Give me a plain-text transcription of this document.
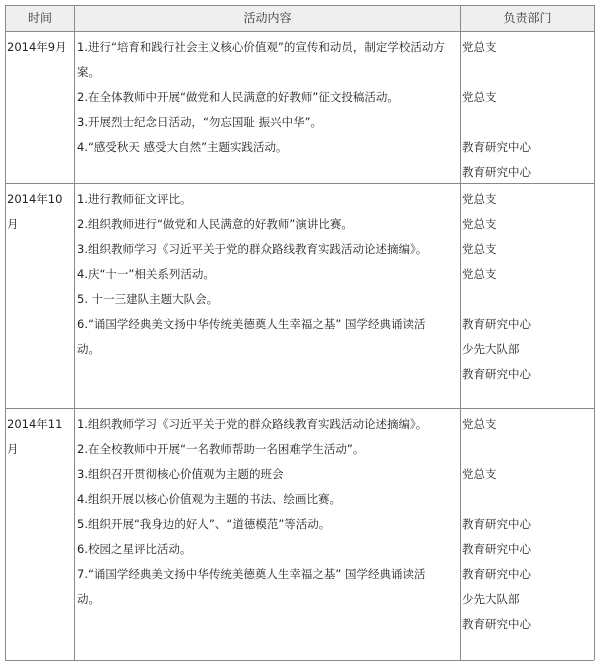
时间	活动内容	负责部门
2014年9月 1.进行“培育和践行社会主义核心价值观”的宣传和动员，制定学校活动方
案。
2.在全体教师中开展“做党和人民满意的好教师”征文投稿活动。
3.开展烈士纪念日活动，“勿忘国耻 振兴中华”。
4.“感受秋天 感受大自然”主题实践活动。
党总支
党总支
教育研究中心
教育研究中心
2014年10
月
1.进行教师征文评比。
2.组织教师进行“做党和人民满意的好教师”演讲比赛。
3.组织教师学习《习近平关于党的群众路线教育实践活动论述摘编》。
4.庆“十一”相关系列活动。
5. 十一三建队主题大队会。
6.“诵国学经典美文扬中华传统美德奠人生幸福之基” 国学经典诵读活
动。
党总支
党总支
党总支
党总支
教育研究中心
少先大队部
教育研究中心
2014年11
月
1.组织教师学习《习近平关于党的群众路线教育实践活动论述摘编》。
2.在全校教师中开展“一名教师帮助一名困难学生活动”。
3.组织召开贯彻核心价值观为主题的班会
4.组织开展以核心价值观为主题的书法、绘画比赛。
5.组织开展“我身边的好人”、“道德模范”等活动。
6.校园之星评比活动。
7.“诵国学经典美文扬中华传统美德奠人生幸福之基” 国学经典诵读活
动。
党总支
党总支
教育研究中心
教育研究中心
教育研究中心
少先大队部
教育研究中心
